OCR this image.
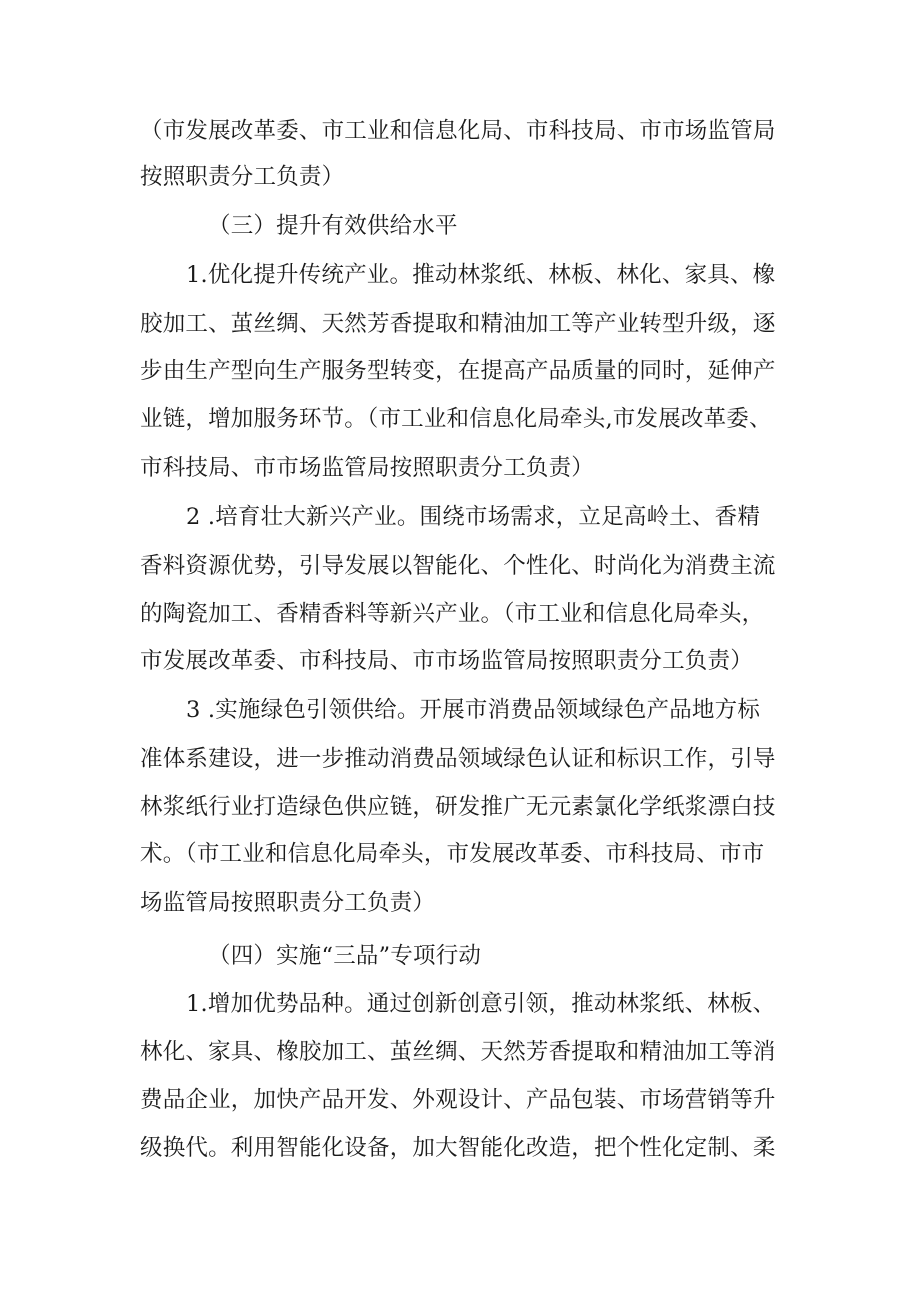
（市发展改革委、市工业和信息化局、市科技局、市市场监管局
按照职责分工负责）
（三）提升有效供给水平
1.优化提升传统产业。推动林浆纸、林板、林化、家具、橡
胶加工、茧丝绸、天然芳香提取和精油加工等产业转型升级，逐
步由生产型向生产服务型转变，在提高产品质量的同时，延伸产
业链，增加服务环节。（市工业和信息化局牵头,市发展改革委、
市科技局、市市场监管局按照职责分工负责）
2 .培育壮大新兴产业。围绕市场需求，立足高岭土、香精
香料资源优势，引导发展以智能化、个性化、时尚化为消费主流
的陶瓷加工、香精香料等新兴产业。（市工业和信息化局牵头，
市发展改革委、市科技局、市市场监管局按照职责分工负责）
3 .实施绿色引领供给。开展市消费品领域绿色产品地方标
准体系建设，进一步推动消费品领域绿色认证和标识工作，引导
林浆纸行业打造绿色供应链，研发推广无元素氯化学纸浆漂白技
术。（市工业和信息化局牵头，市发展改革委、市科技局、市市
场监管局按照职责分工负责）
（四）实施“三品”专项行动
1.增加优势品种。通过创新创意引领，推动林浆纸、林板、
林化、家具、橡胶加工、茧丝绸、天然芳香提取和精油加工等消
费品企业，加快产品开发、外观设计、产品包装、市场营销等升
级换代。利用智能化设备，加大智能化改造，把个性化定制、柔
